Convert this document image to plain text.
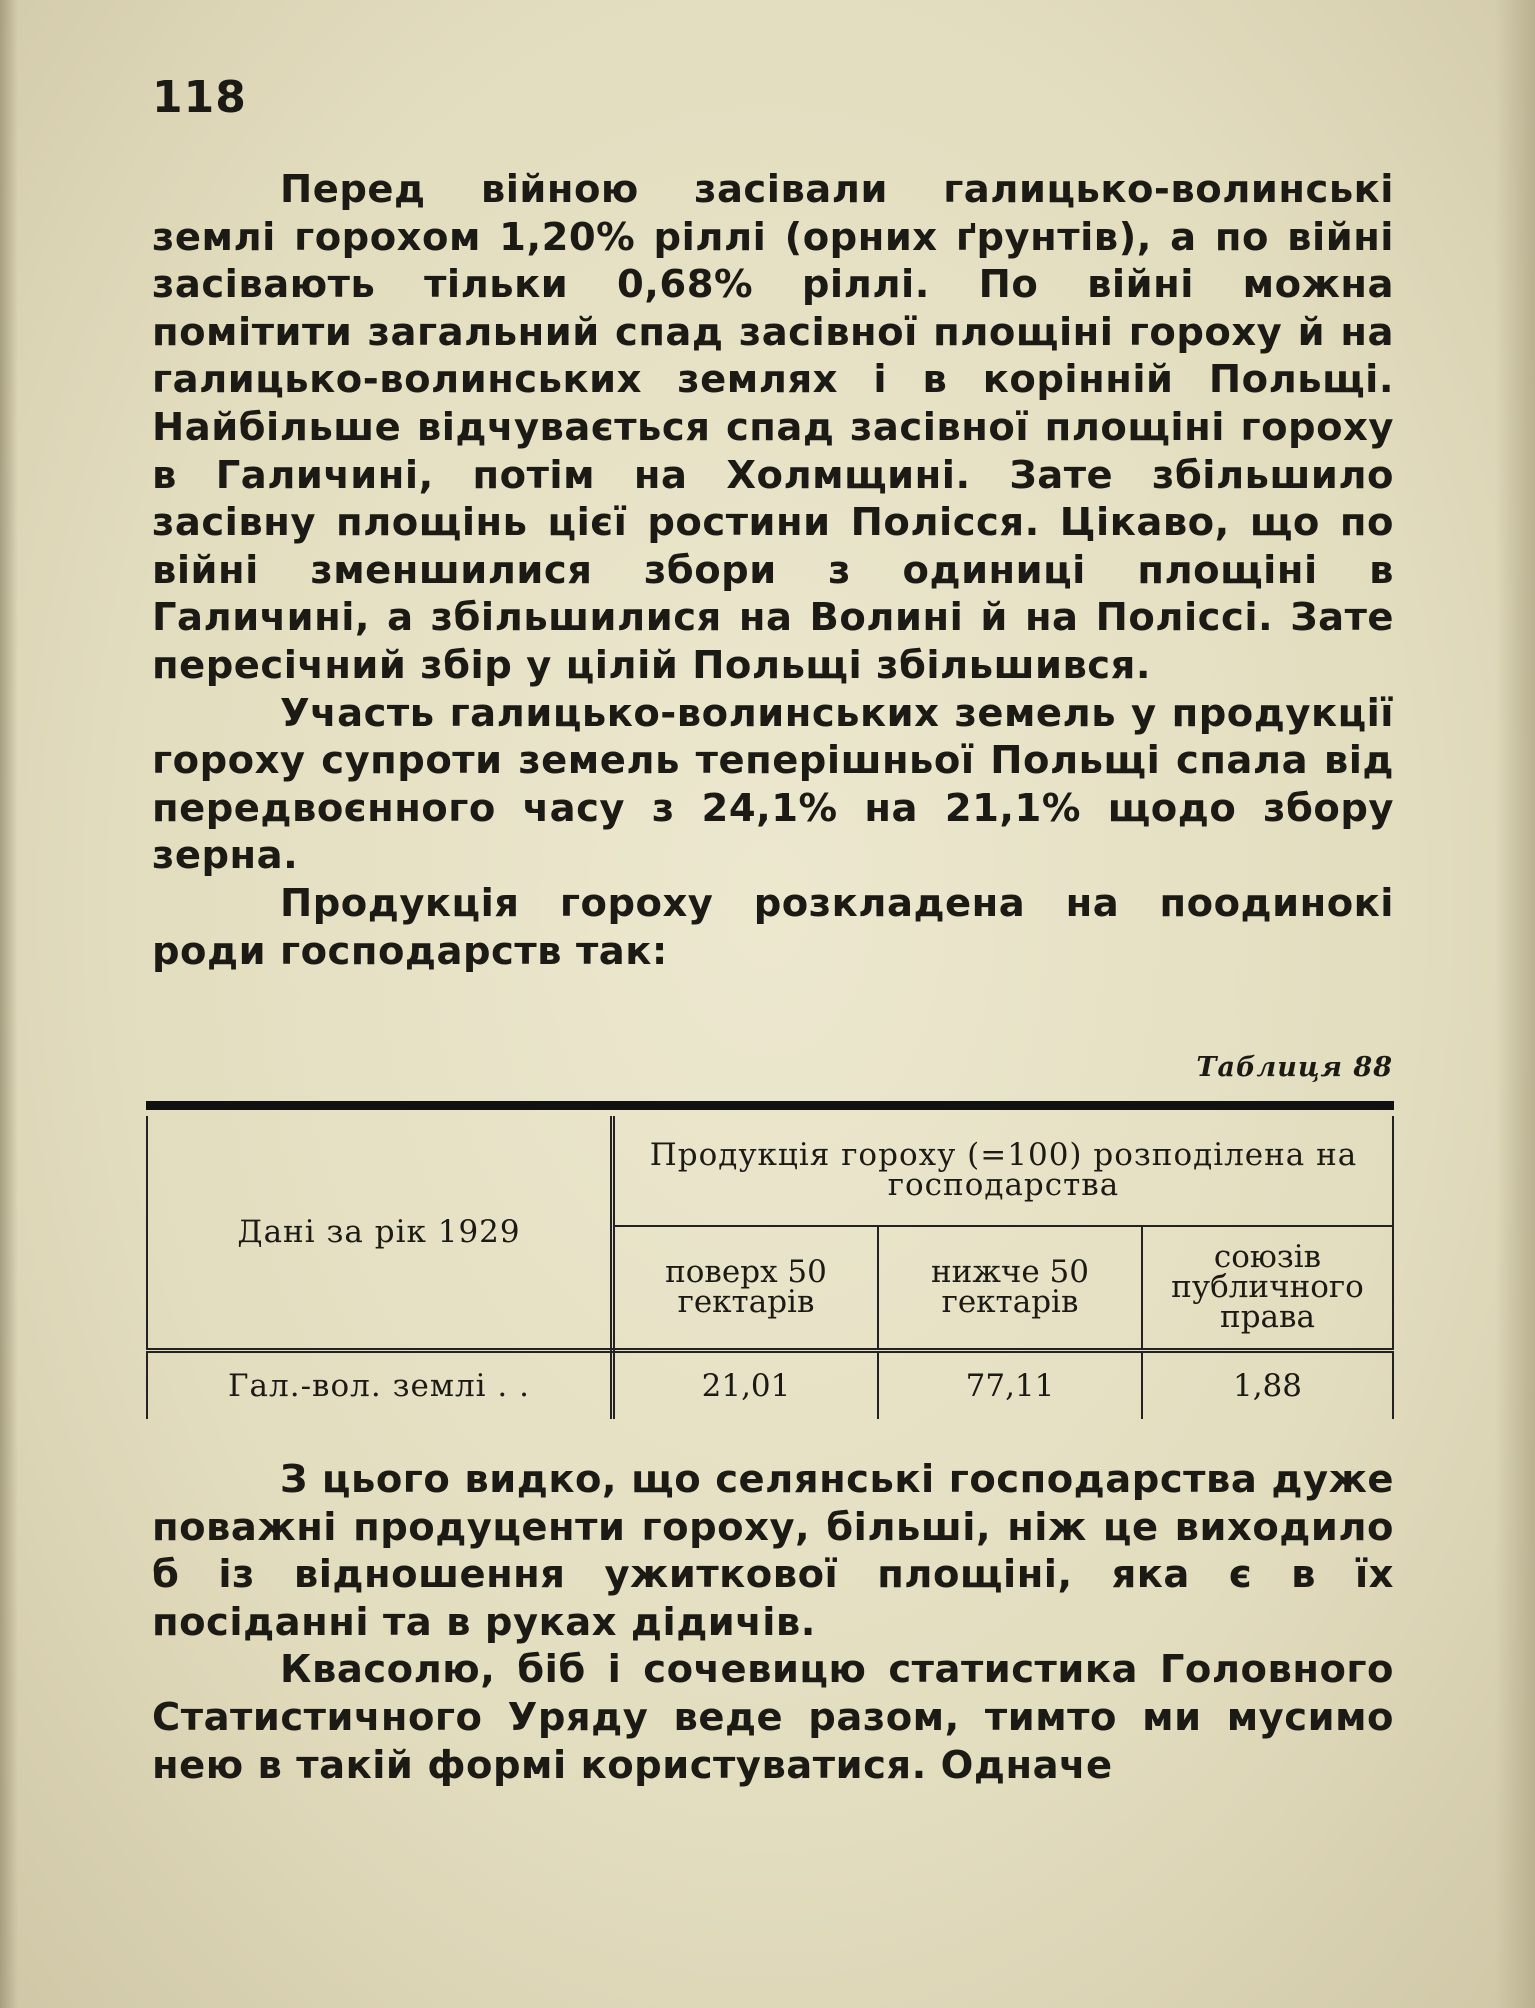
118

Перед війною засівали галицько-волинські землі горохом 1,20% ріллі (орних ґрунтів), а по війні засівають тільки 0,68% ріллі. По війні можна помітити загальний спад засівної площіні гороху й на галицько-волинських землях і в корінній Польщі. Найбільше відчувається спад засівної площіні гороху в Галичині, потім на Холмщині. Зате збільшило засівну площінь цієї ростини Полісся. Цікаво, що по війні зменшилися збори з одиниці площіні в Галичині, а збільшилися на Волині й на Поліссі. Зате пересічний збір у цілій Польщі збільшився.

Участь галицько-волинських земель у продукції гороху супроти земель теперішньої Польщі спала від передвоєнного часу з 24,1% на 21,1% щодо збору зерна.

Продукція гороху розкладена на поодинокі роди господарств так:

Таблиця 88
Дані за рік 1929	Продукція гороху (=100) розподілена на господарства		
	поверх 50 гектарів	нижче 50 гектарів	союзів публичного права
Гал.-вол. землі . .	21,01	77,11	1,88

З цього видко, що селянські господарства дуже поважні продуценти гороху, більші, ніж це виходило б із відношення ужиткової площіні, яка є в їх посіданні та в руках дідичів.

Квасолю, біб і сочевицю статистика Головного Статистичного Уряду веде разом, тимто ми мусимо нею в такій формі користуватися. Одначе
